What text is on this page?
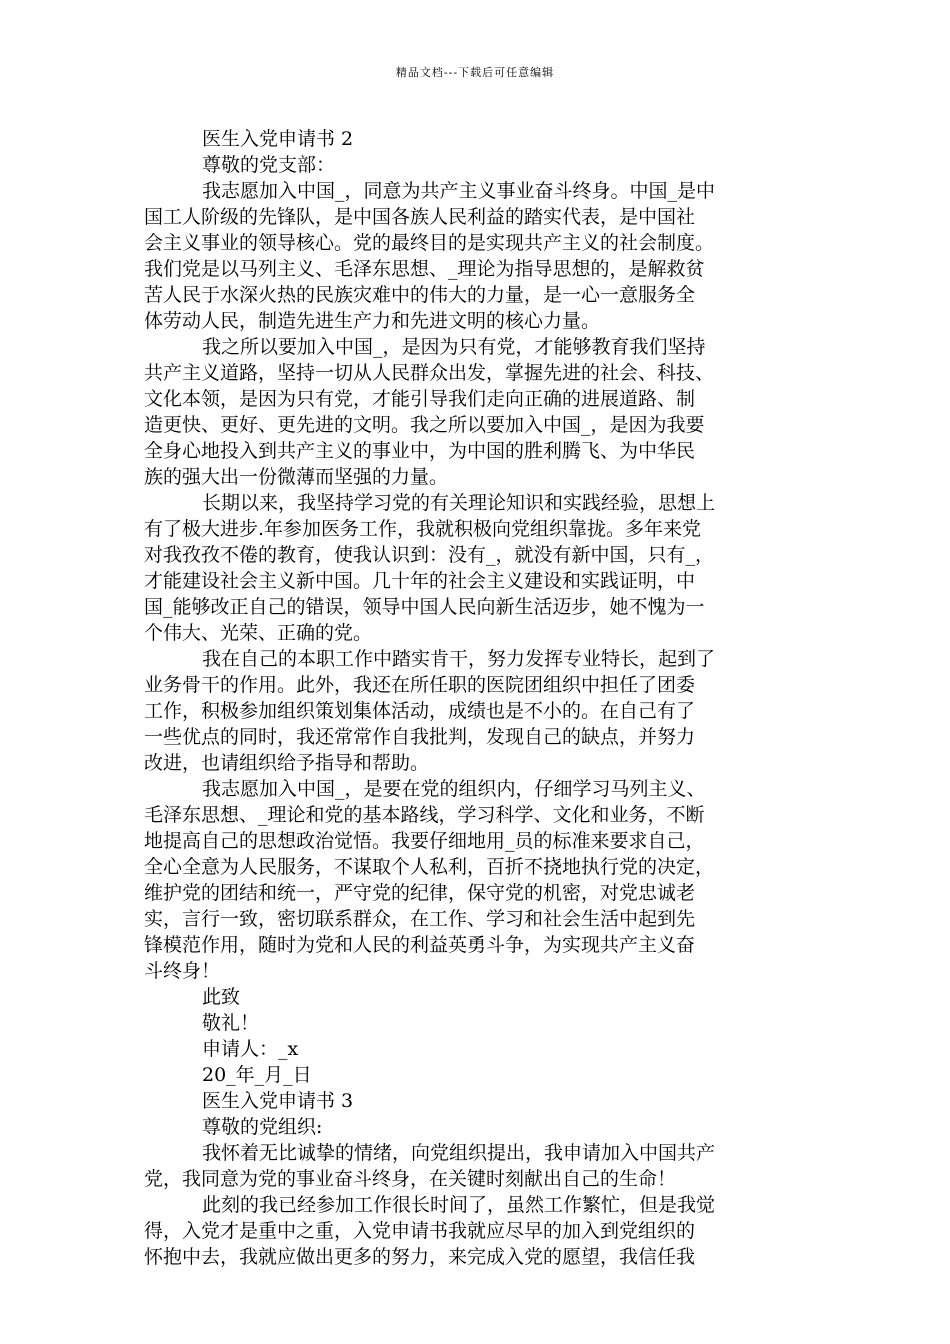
精品文档---下载后可任意编辑
医生入党申请书 2
尊敬的党支部：
我志愿加入中国_，同意为共产主义事业奋斗终身。中国_是中
国工人阶级的先锋队，是中国各族人民利益的踏实代表，是中国社
会主义事业的领导核心。党的最终目的是实现共产主义的社会制度。
我们党是以马列主义、毛泽东思想、_理论为指导思想的，是解救贫
苦人民于水深火热的民族灾难中的伟大的力量，是一心一意服务全
体劳动人民，制造先进生产力和先进文明的核心力量。
我之所以要加入中国_，是因为只有党，才能够教育我们坚持
共产主义道路，坚持一切从人民群众出发，掌握先进的社会、科技、
文化本领，是因为只有党，才能引导我们走向正确的进展道路、制
造更快、更好、更先进的文明。我之所以要加入中国_，是因为我要
全身心地投入到共产主义的事业中，为中国的胜利腾飞、为中华民
族的强大出一份微薄而坚强的力量。
长期以来，我坚持学习党的有关理论知识和实践经验，思想上
有了极大进步.年参加医务工作，我就积极向党组织靠拢。多年来党
对我孜孜不倦的教育，使我认识到：没有_，就没有新中国，只有_，
才能建设社会主义新中国。几十年的社会主义建设和实践证明，中
国_能够改正自己的错误，领导中国人民向新生活迈步，她不愧为一
个伟大、光荣、正确的党。
我在自己的本职工作中踏实肯干，努力发挥专业特长，起到了
业务骨干的作用。此外，我还在所任职的医院团组织中担任了团委
工作，积极参加组织策划集体活动，成绩也是不小的。在自己有了
一些优点的同时，我还常常作自我批判，发现自己的缺点，并努力
改进，也请组织给予指导和帮助。
我志愿加入中国_，是要在党的组织内，仔细学习马列主义、
毛泽东思想、_理论和党的基本路线，学习科学、文化和业务，不断
地提高自己的思想政治觉悟。我要仔细地用_员的标准来要求自己，
全心全意为人民服务，不谋取个人私利，百折不挠地执行党的决定，
维护党的团结和统一，严守党的纪律，保守党的机密，对党忠诚老
实，言行一致，密切联系群众，在工作、学习和社会生活中起到先
锋模范作用，随时为党和人民的利益英勇斗争，为实现共产主义奋
斗终身！
此致
敬礼！
申请人：_x
20_年_月_日
医生入党申请书 3
尊敬的党组织:
我怀着无比诚挚的情绪，向党组织提出，我申请加入中国共产
党，我同意为党的事业奋斗终身，在关键时刻献出自己的生命！
此刻的我已经参加工作很长时间了，虽然工作繁忙，但是我觉
得，入党才是重中之重，入党申请书我就应尽早的加入到党组织的
怀抱中去，我就应做出更多的努力，来完成入党的愿望，我信任我
